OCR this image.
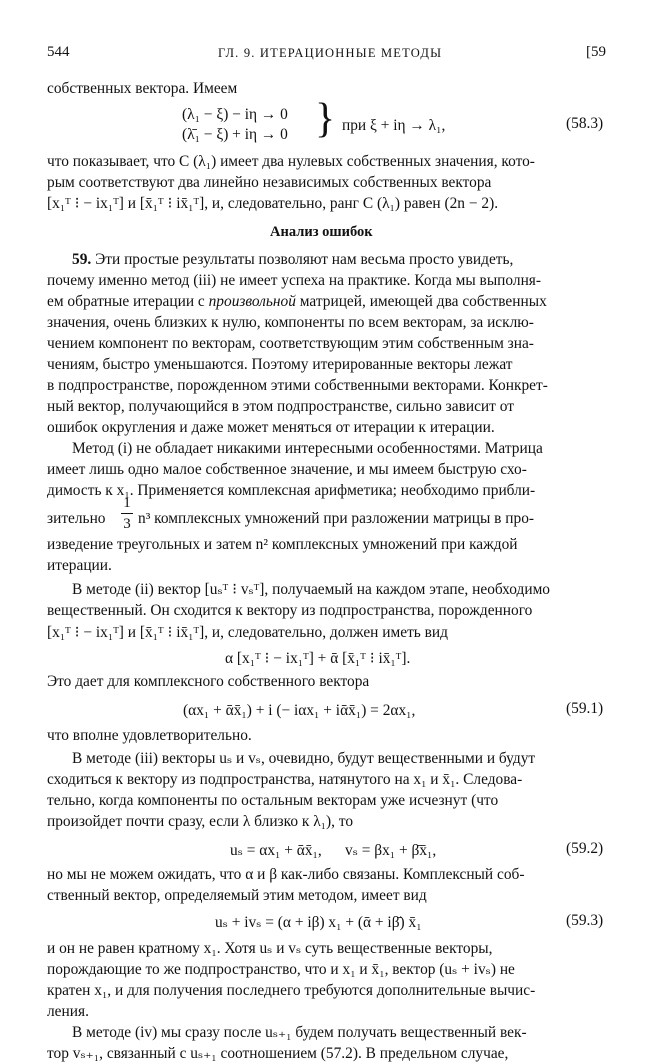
544	ГЛ. 9. ИТЕРАЦИОННЫЕ МЕТОДЫ	[59
собственных вектора. Имеем
(λ₁ − ξ) − iη → 0
(λ̄₁ − ξ) + iη → 0 } при ξ + iη → λ₁,	(58.3)
что показывает, что C (λ₁) имеет два нулевых собственных значения, кото-
рым соответствуют два линейно независимых собственных вектора
[x₁ᵀ ⁝ − ix₁ᵀ] и [x̄₁ᵀ ⁝ ix̄₁ᵀ], и, следовательно, ранг C (λ₁) равен (2n − 2).
Анализ ошибок
59. Эти простые результаты позволяют нам весьма просто увидеть,
почему именно метод (iii) не имеет успеха на практике. Когда мы выполня-
ем обратные итерации с произвольной матрицей, имеющей два собственных
значения, очень близких к нулю, компоненты по всем векторам, за исклю-
чением компонент по векторам, соответствующим этим собственным зна-
чениям, быстро уменьшаются. Поэтому итерированные векторы лежат
в подпространстве, порожденном этими собственными векторами. Конкрет-
ный вектор, получающийся в этом подпространстве, сильно зависит от
ошибок округления и даже может меняться от итерации к итерации.
Метод (i) не обладает никакими интересными особенностями. Матрица
имеет лишь одно малое собственное значение, и мы имеем быструю схо-
димость к x₁. Применяется комплексная арифметика; необходимо прибли-
зительно
1
3 n³ комплексных умножений при разложении матрицы в про-
изведение треугольных и затем n² комплексных умножений при каждой
итерации.
В методе (ii) вектор [uₛᵀ ⁝ vₛᵀ], получаемый на каждом этапе, необходимо
вещественный. Он сходится к вектору из подпространства, порожденного
[x₁ᵀ ⁝ − ix₁ᵀ] и [x̄₁ᵀ ⁝ ix̄₁ᵀ], и, следовательно, должен иметь вид
α [x₁ᵀ ⁝ − ix₁ᵀ] + ᾱ [x̄₁ᵀ ⁝ ix̄₁ᵀ].
Это дает для комплексного собственного вектора
(αx₁ + ᾱx̄₁) + i (− iαx₁ + iᾱx̄₁) = 2αx₁,	(59.1)
что вполне удовлетворительно.
В методе (iii) векторы uₛ и vₛ, очевидно, будут вещественными и будут
сходиться к вектору из подпространства, натянутого на x₁ и x̄₁. Следова-
тельно, когда компоненты по остальным векторам уже исчезнут (что
произойдет почти сразу, если λ близко к λ₁), то
uₛ = αx₁ + ᾱx̄₁, vₛ = βx₁ + β̄x̄₁,	(59.2)
но мы не можем ожидать, что α и β как-либо связаны. Комплексный соб-
ственный вектор, определяемый этим методом, имеет вид
uₛ + ivₛ = (α + iβ) x₁ + (ᾱ + iβ̄) x̄₁	(59.3)
и он не равен кратному x₁. Хотя uₛ и vₛ суть вещественные векторы,
порождающие то же подпространство, что и x₁ и x̄₁, вектор (uₛ + ivₛ) не
кратен x₁, и для получения последнего требуются дополнительные вычис-
ления.
В методе (iv) мы сразу после uₛ₊₁ будем получать вещественный век-
тор vₛ₊₁, связанный с uₛ₊₁ соотношением (57.2). В предельном случае,
